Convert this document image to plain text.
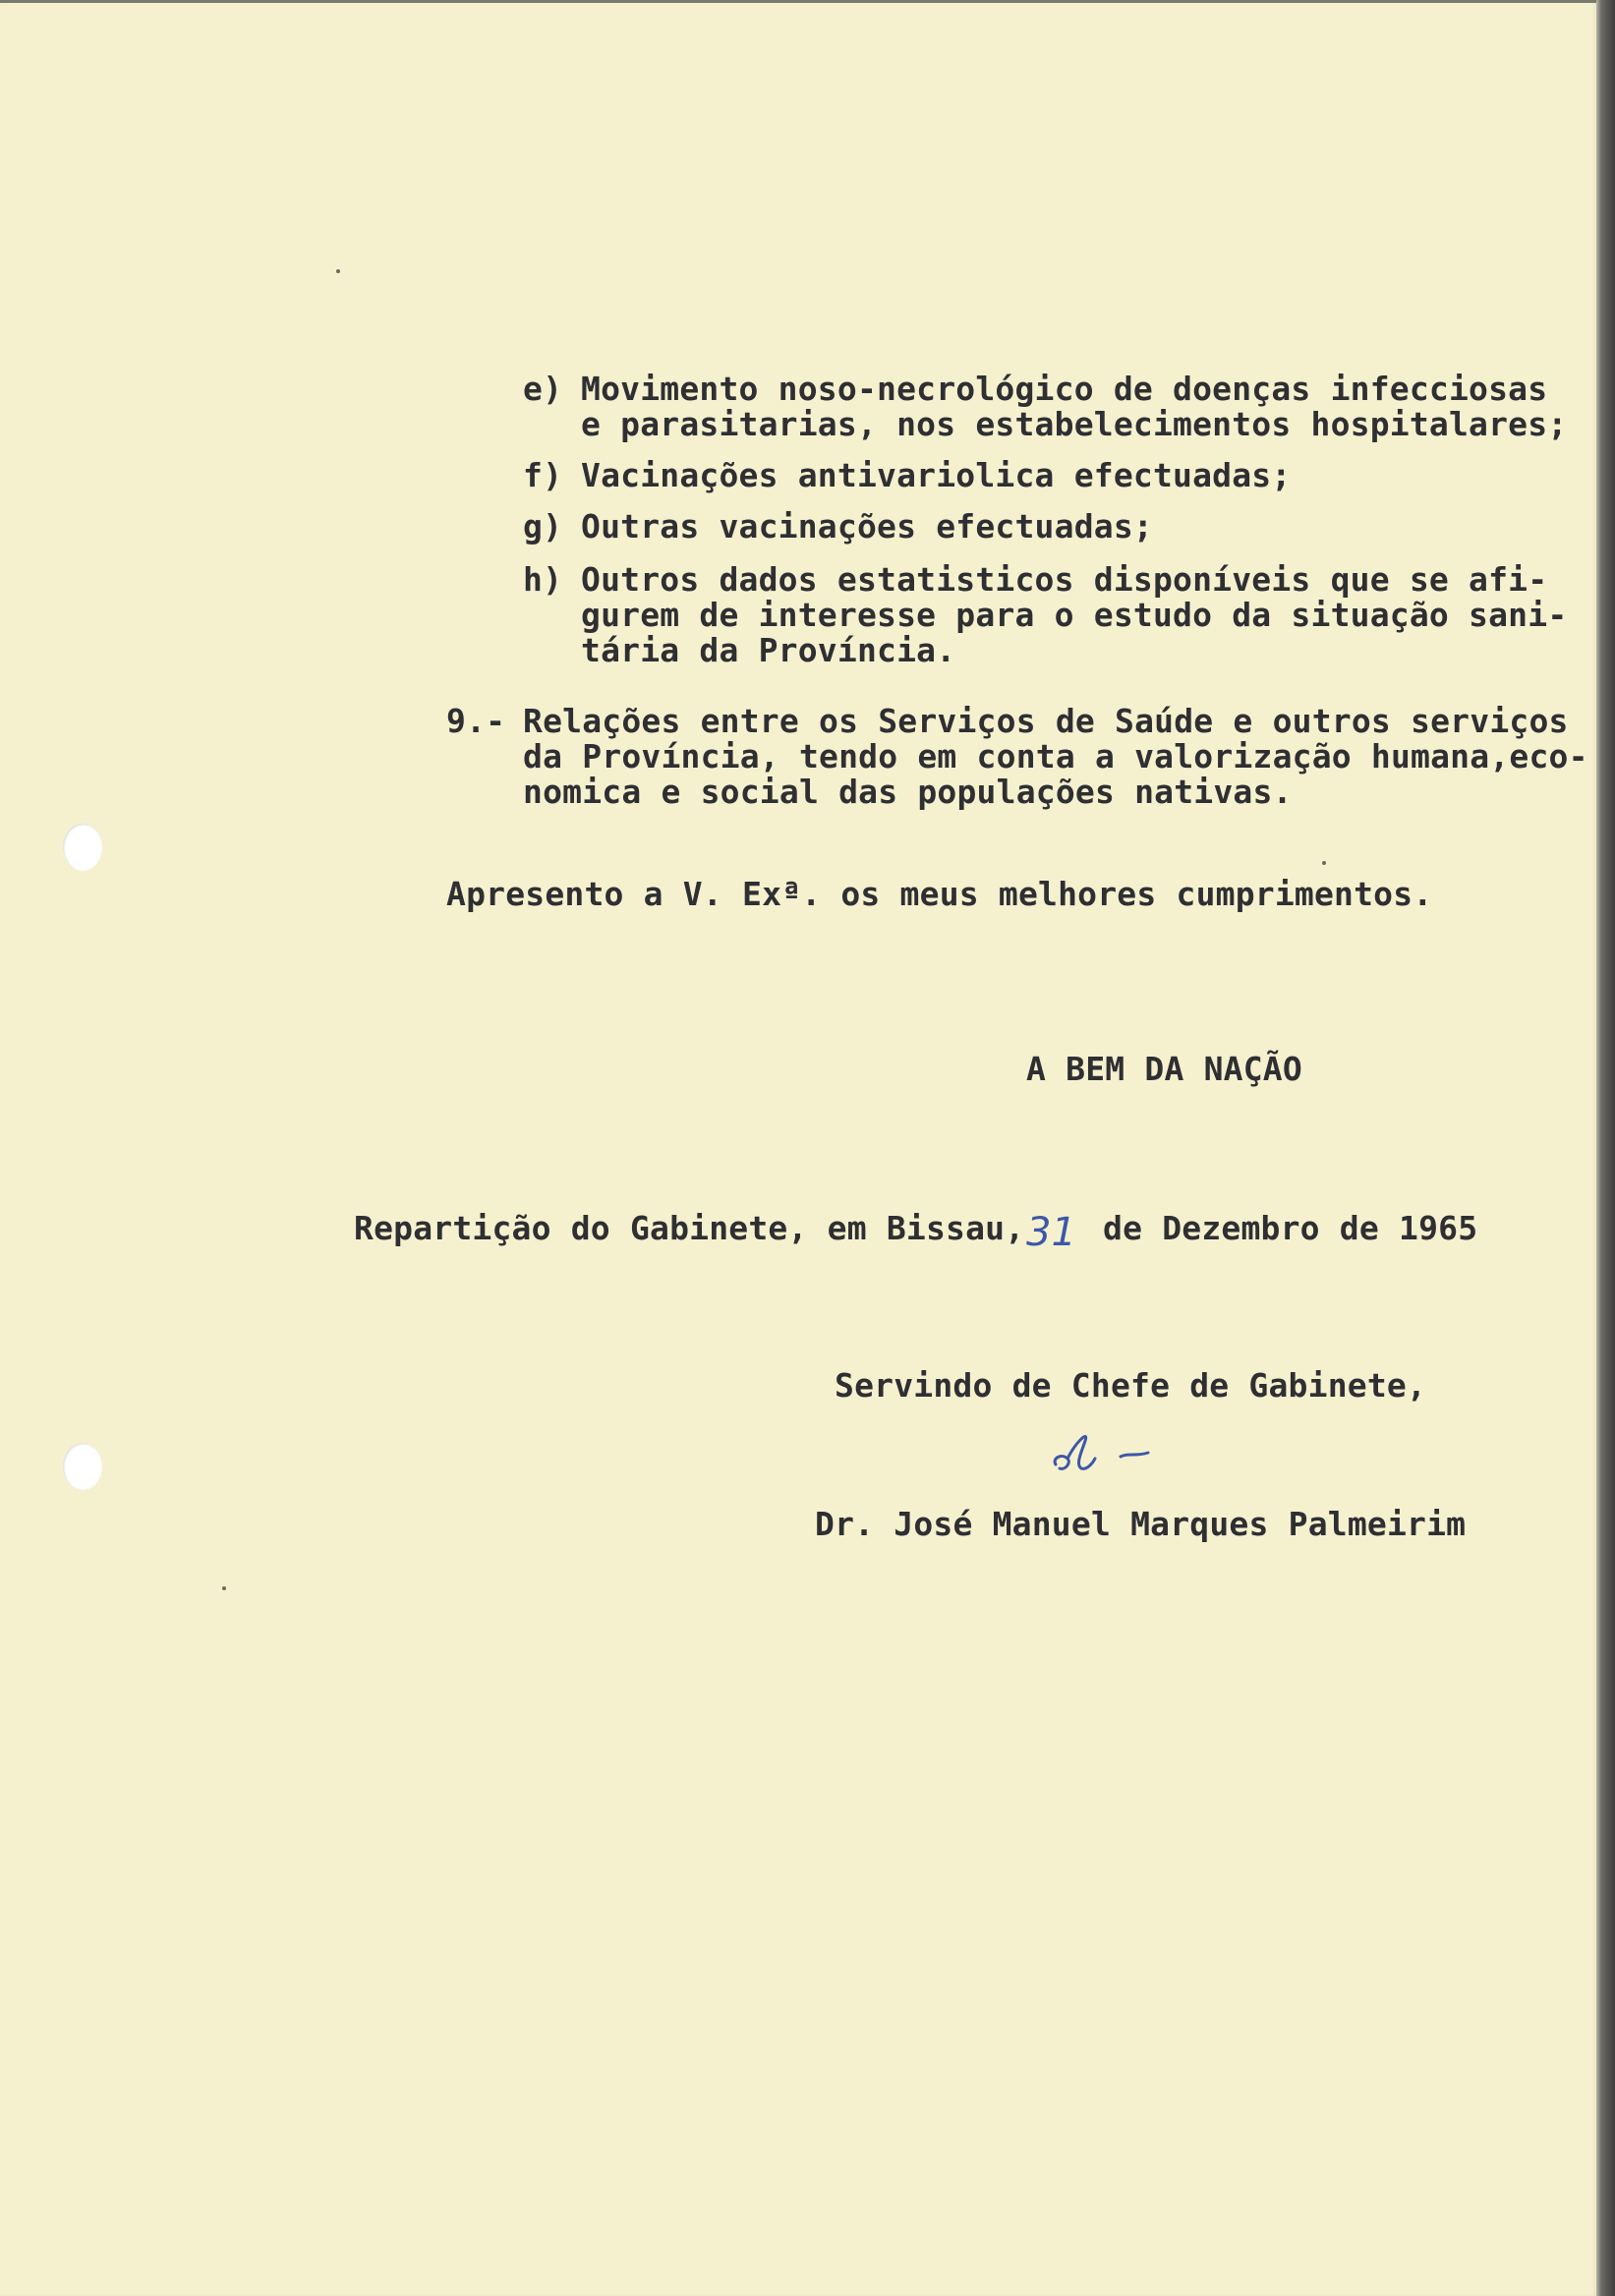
e) Movimento noso-necrológico de doenças infecciosas
e parasitarias, nos estabelecimentos hospitalares;
f) Vacinações antivariolica efectuadas;
g) Outras vacinações efectuadas;
h) Outros dados estatisticos disponíveis que se afi-
gurem de interesse para o estudo da situação sani-
tária da Província.
9.- Relações entre os Serviços de Saúde e outros serviços
da Província, tendo em conta a valorização humana,eco-
nomica e social das populações nativas.
Apresento a V. Exª. os meus melhores cumprimentos.
A BEM DA NAÇÃO
Repartição do Gabinete, em Bissau, 31 de Dezembro de 1965
Servindo de Chefe de Gabinete,
Dr. José Manuel Marques Palmeirim
